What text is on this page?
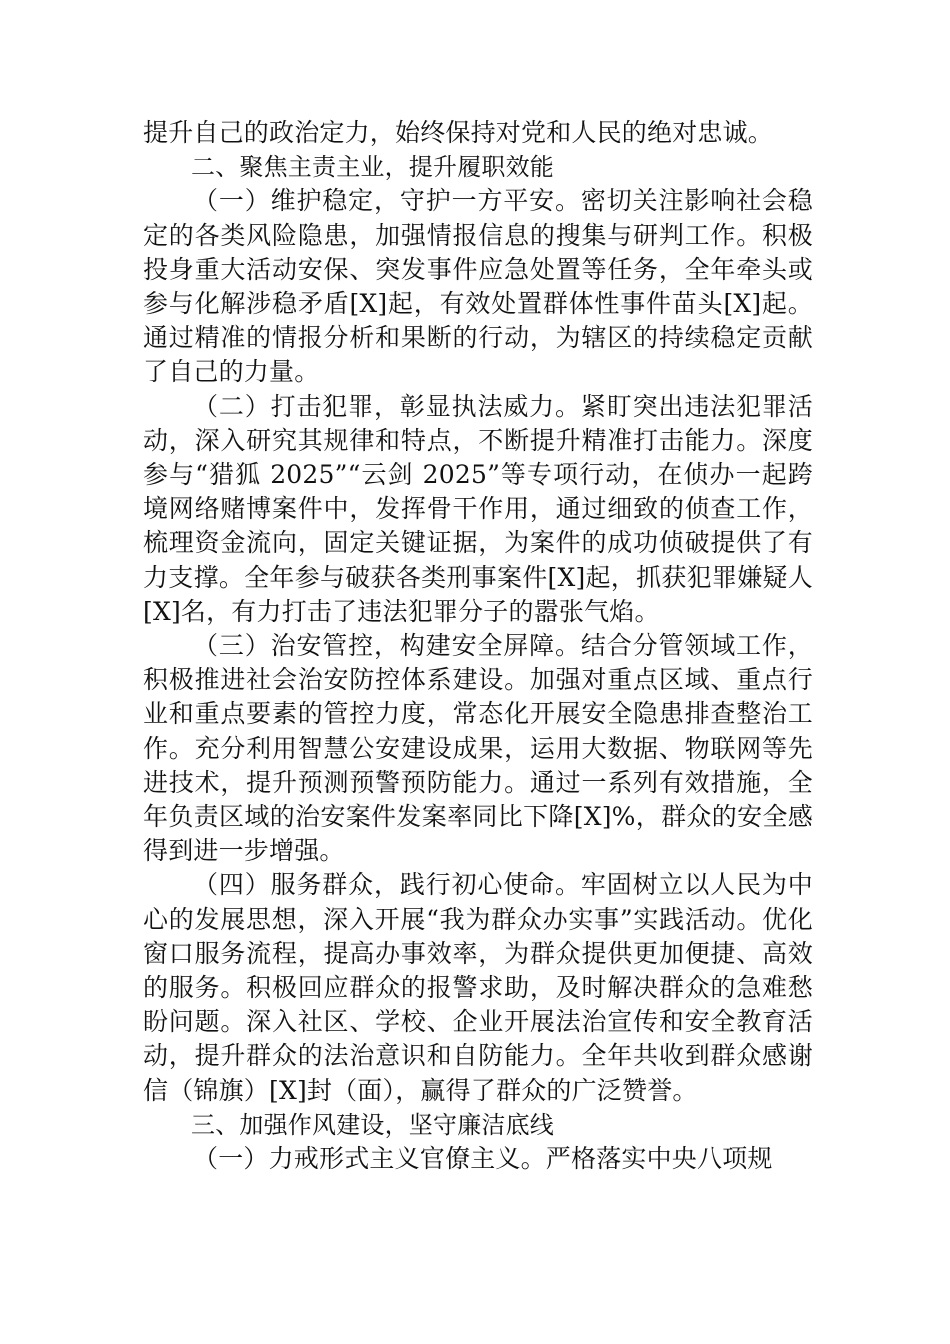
提升自己的政治定力，始终保持对党和人民的绝对忠诚。

二、聚焦主责主业，提升履职效能

（一）维护稳定，守护一方平安。密切关注影响社会稳定的各类风险隐患，加强情报信息的搜集与研判工作。积极投身重大活动安保、突发事件应急处置等任务，全年牵头或参与化解涉稳矛盾[X]起，有效处置群体性事件苗头[X]起。通过精准的情报分析和果断的行动，为辖区的持续稳定贡献了自己的力量。

（二）打击犯罪，彰显执法威力。紧盯突出违法犯罪活动，深入研究其规律和特点，不断提升精准打击能力。深度参与“猎狐 2025”“云剑 2025”等专项行动，在侦办一起跨境网络赌博案件中，发挥骨干作用，通过细致的侦查工作，梳理资金流向，固定关键证据，为案件的成功侦破提供了有力支撑。全年参与破获各类刑事案件[X]起，抓获犯罪嫌疑人[X]名，有力打击了违法犯罪分子的嚣张气焰。

（三）治安管控，构建安全屏障。结合分管领域工作，积极推进社会治安防控体系建设。加强对重点区域、重点行业和重点要素的管控力度，常态化开展安全隐患排查整治工作。充分利用智慧公安建设成果，运用大数据、物联网等先进技术，提升预测预警预防能力。通过一系列有效措施，全年负责区域的治安案件发案率同比下降[X]%，群众的安全感得到进一步增强。

（四）服务群众，践行初心使命。牢固树立以人民为中心的发展思想，深入开展“我为群众办实事”实践活动。优化窗口服务流程，提高办事效率，为群众提供更加便捷、高效的服务。积极回应群众的报警求助，及时解决群众的急难愁盼问题。深入社区、学校、企业开展法治宣传和安全教育活动，提升群众的法治意识和自防能力。全年共收到群众感谢信（锦旗）[X]封（面），赢得了群众的广泛赞誉。

三、加强作风建设，坚守廉洁底线

（一）力戒形式主义官僚主义。严格落实中央八项规
